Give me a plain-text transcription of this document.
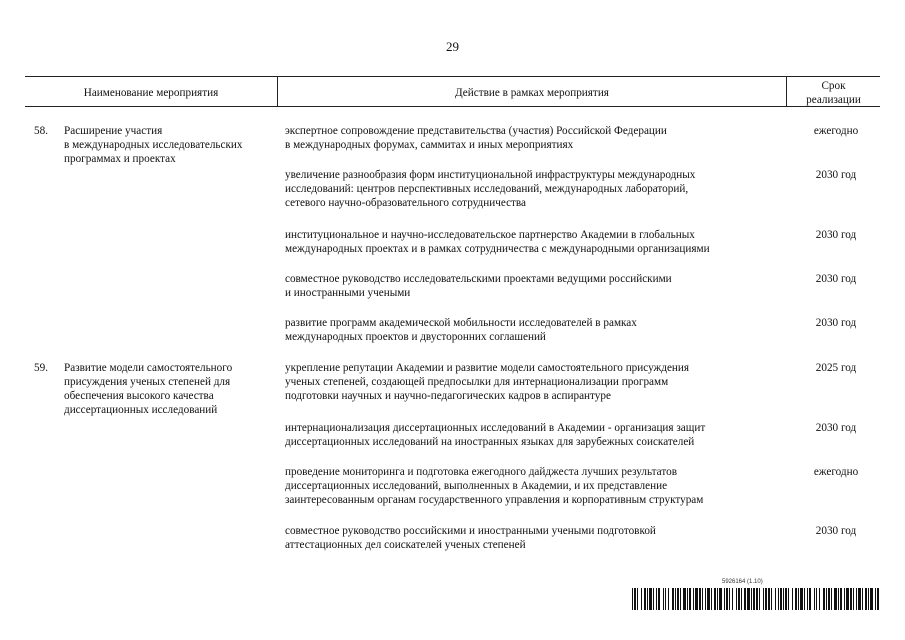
29
Наименование мероприятия	Действие в рамках мероприятия
Срок
реализации
58. Расширение участия
в международных исследовательских
программах и проектах
экспертное сопровождение представительства (участия) Российской Федерации
в международных форумах, саммитах и иных мероприятиях
ежегодно
увеличение разнообразия форм институциональной инфраструктуры международных
исследований: центров перспективных исследований, международных лабораторий,
сетевого научно-образовательного сотрудничества
2030 год
институциональное и научно-исследовательское партнерство Академии в глобальных
международных проектах и в рамках сотрудничества с международными организациями
2030 год
совместное руководство исследовательскими проектами ведущими российскими
и иностранными учеными
2030 год
развитие программ академической мобильности исследователей в рамках
международных проектов и двусторонних соглашений
2030 год
59. Развитие модели самостоятельного
присуждения ученых степеней для
обеспечения высокого качества
диссертационных исследований
укрепление репутации Академии и развитие модели самостоятельного присуждения
ученых степеней, создающей предпосылки для интернационализации программ
подготовки научных и научно-педагогических кадров в аспирантуре
2025 год
интернационализация диссертационных исследований в Академии - организация защит
диссертационных исследований на иностранных языках для зарубежных соискателей
2030 год
проведение мониторинга и подготовка ежегодного дайджеста лучших результатов
диссертационных исследований, выполненных в Академии, и их представление
заинтересованным органам государственного управления и корпоративным структурам
ежегодно
совместное руководство российскими и иностранными учеными подготовкой
аттестационных дел соискателей ученых степеней
2030 год
5926164 (1.10)
